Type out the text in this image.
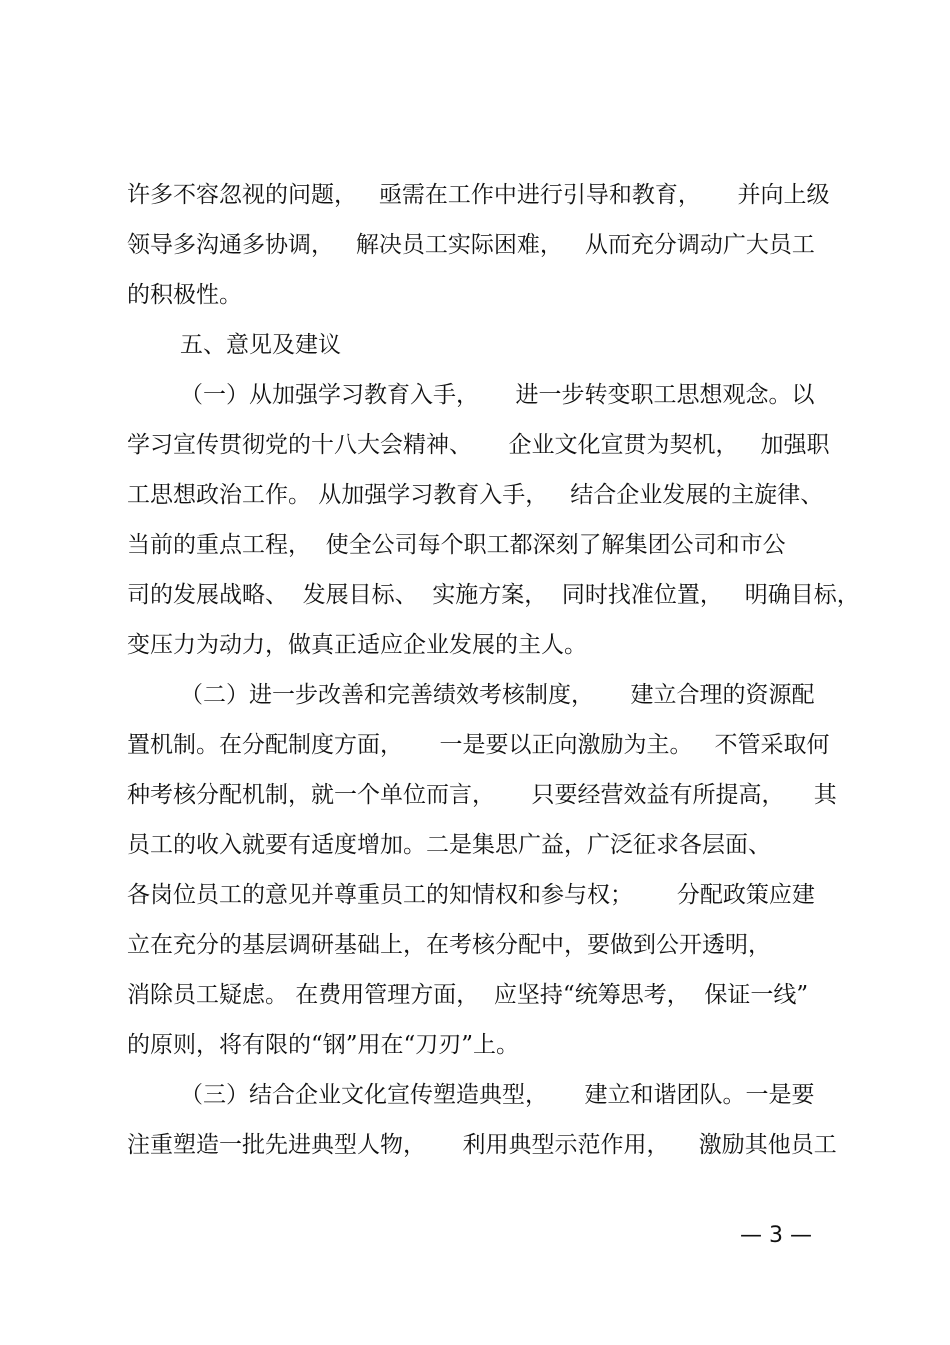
许多不容忽视的问题，   亟需在工作中进行引导和教育，     并向上级
领导多沟通多协调，   解决员工实际困难，   从而充分调动广大员工
的积极性。
五、意见及建议
（一）从加强学习教育入手，     进一步转变职工思想观念。以
学习宣传贯彻党的十八大会精神、     企业文化宣贯为契机，   加强职
工思想政治工作。 从加强学习教育入手，   结合企业发展的主旋律、
当前的重点工程，  使全公司每个职工都深刻了解集团公司和市公
司的发展战略、  发展目标、  实施方案，  同时找准位置，   明确目标，
变压力为动力，做真正适应企业发展的主人。
（二）进一步改善和完善绩效考核制度，     建立合理的资源配
置机制。在分配制度方面，     一是要以正向激励为主。   不管采取何
种考核分配机制，就一个单位而言，     只要经营效益有所提高，    其
员工的收入就要有适度增加。二是集思广益，广泛征求各层面、
各岗位员工的意见并尊重员工的知情权和参与权；      分配政策应建
立在充分的基层调研基础上，在考核分配中，要做到公开透明，
消除员工疑虑。 在费用管理方面，  应坚持“统筹思考，  保证一线”
的原则，将有限的“钢”用在“刀刃”上。
（三）结合企业文化宣传塑造典型，     建立和谐团队。一是要
注重塑造一批先进典型人物，     利用典型示范作用，    激励其他员工
— 3 —
